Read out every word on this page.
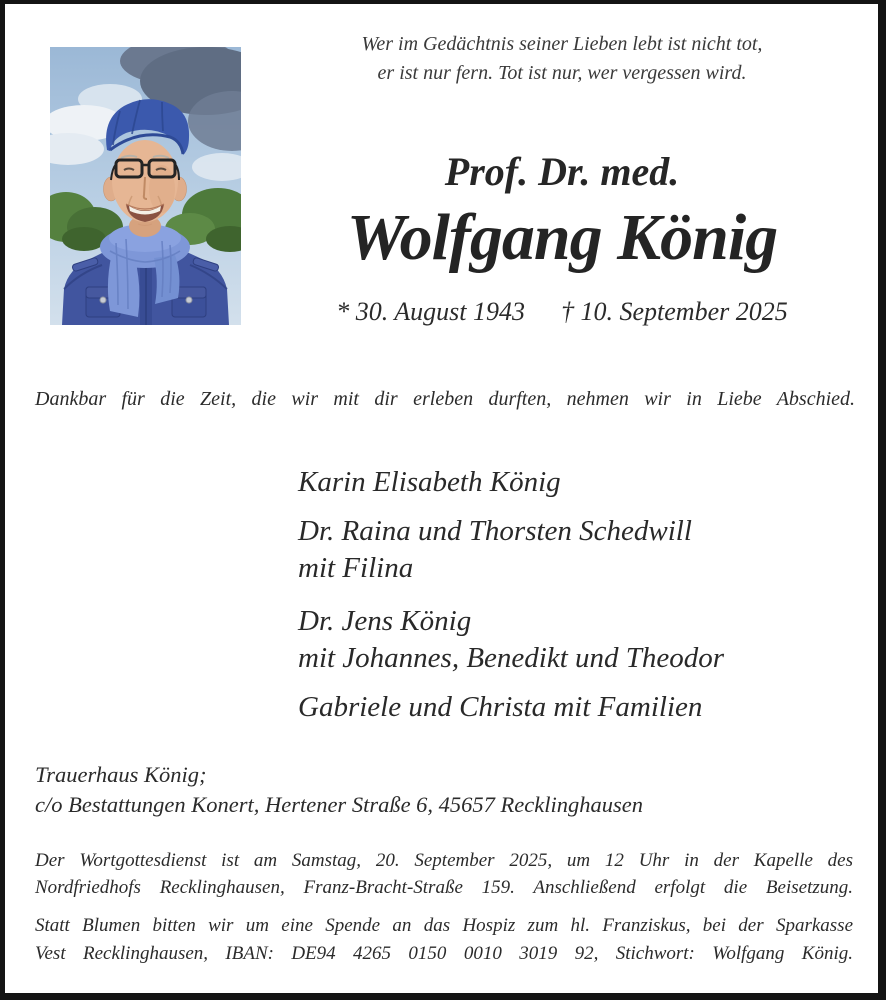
Wer im Gedächtnis seiner Lieben lebt ist nicht tot,
er ist nur fern. Tot ist nur, wer vergessen wird.
Prof. Dr. med.
Wolfgang König
* 30. August 1943 † 10. September 2025
Dankbar für die Zeit, die wir mit dir erleben durften, nehmen wir in Liebe Abschied.
Karin Elisabeth König
Dr. Raina und Thorsten Schedwill
mit Filina
Dr. Jens König
mit Johannes, Benedikt und Theodor
Gabriele und Christa mit Familien
Trauerhaus König;
c/o Bestattungen Konert, Hertener Straße 6, 45657 Recklinghausen
Der Wortgottesdienst ist am Samstag, 20. September 2025, um 12 Uhr in der Kapelle des
Nordfriedhofs Recklinghausen, Franz-Bracht-Straße 159. Anschließend erfolgt die Beisetzung.
Statt Blumen bitten wir um eine Spende an das Hospiz zum hl. Franziskus, bei der Sparkasse
Vest Recklinghausen, IBAN: DE94 4265 0150 0010 3019 92, Stichwort: Wolfgang König.
